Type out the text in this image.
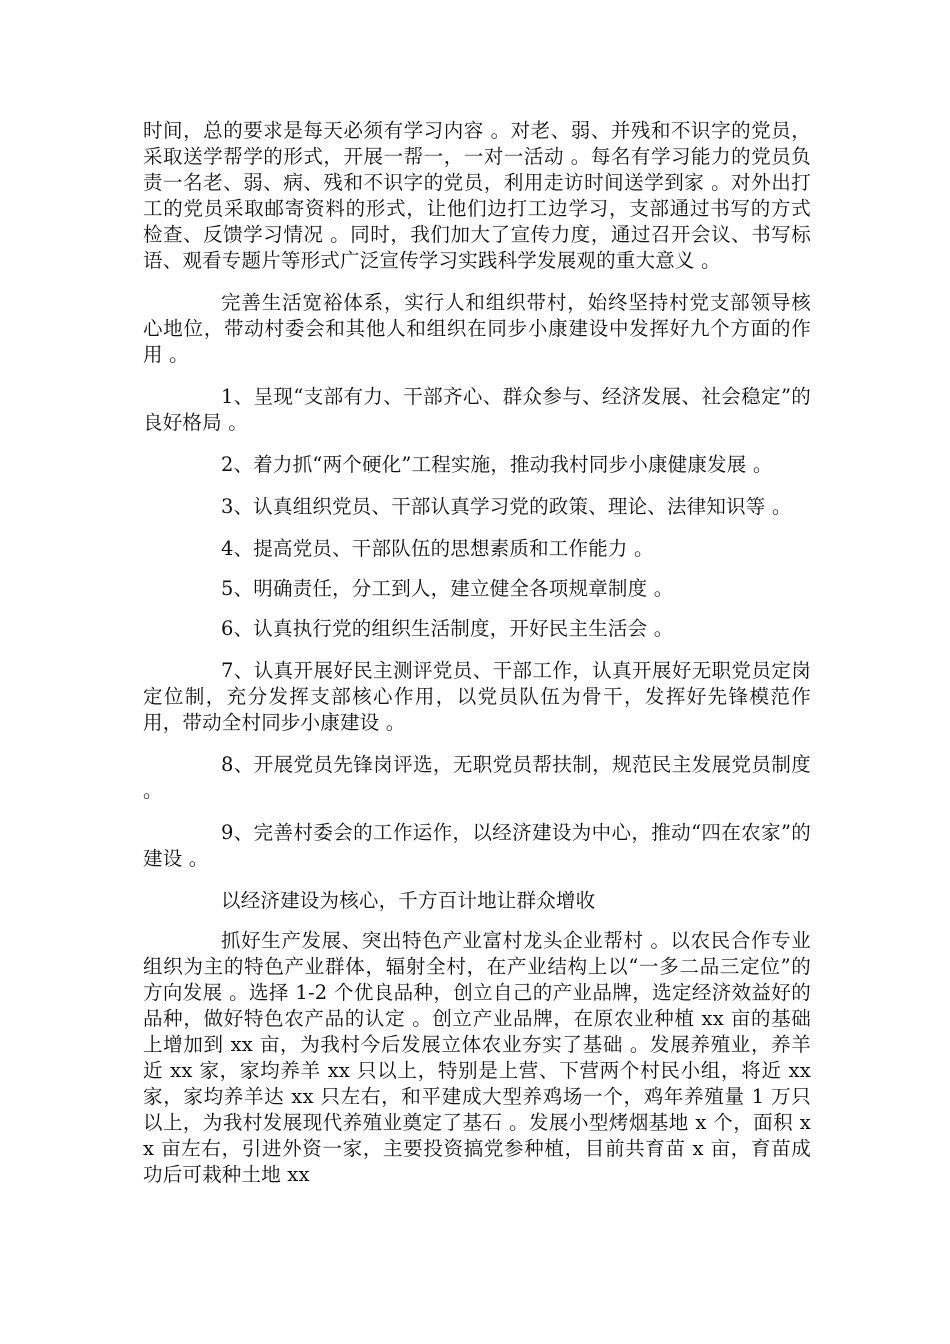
时间，总的要求是每天必须有学习内容 。对老、弱、并残和不识字的党员，采取送学帮学的形式，开展一帮一，一对一活动 。每名有学习能力的党员负责一名老、弱、病、残和不识字的党员，利用走访时间送学到家 。对外出打工的党员采取邮寄资料的形式，让他们边打工边学习，支部通过书写的方式检查、反馈学习情况 。同时，我们加大了宣传力度，通过召开会议、书写标语、观看专题片等形式广泛宣传学习实践科学发展观的重大意义 。

完善生活宽裕体系，实行人和组织带村，始终坚持村党支部领导核心地位，带动村委会和其他人和组织在同步小康建设中发挥好九个方面的作用 。

1、呈现“支部有力、干部齐心、群众参与、经济发展、社会稳定”的良好格局 。

2、着力抓“两个硬化”工程实施，推动我村同步小康健康发展 。

3、认真组织党员、干部认真学习党的政策、理论、法律知识等 。

4、提高党员、干部队伍的思想素质和工作能力 。

5、明确责任，分工到人，建立健全各项规章制度 。

6、认真执行党的组织生活制度，开好民主生活会 。

7、认真开展好民主测评党员、干部工作，认真开展好无职党员定岗定位制，充分发挥支部核心作用，以党员队伍为骨干，发挥好先锋模范作用，带动全村同步小康建设 。

8、开展党员先锋岗评选，无职党员帮扶制，规范民主发展党员制度 。

9、完善村委会的工作运作，以经济建设为中心，推动“四在农家”的建设 。

以经济建设为核心，千方百计地让群众增收

抓好生产发展、突出特色产业富村龙头企业帮村 。以农民合作专业组织为主的特色产业群体，辐射全村，在产业结构上以“一多二品三定位”的方向发展 。选择 1-2 个优良品种，创立自己的产业品牌，选定经济效益好的品种，做好特色农产品的认定 。创立产业品牌，在原农业种植 xx 亩的基础上增加到 xx 亩，为我村今后发展立体农业夯实了基础 。发展养殖业，养羊近 xx 家，家均养羊 xx 只以上，特别是上营、下营两个村民小组，将近 xx 家，家均养羊达 xx 只左右，和平建成大型养鸡场一个，鸡年养殖量 1 万只以上，为我村发展现代养殖业奠定了基石 。发展小型烤烟基地 x 个，面积 xx 亩左右，引进外资一家，主要投资搞党参种植，目前共育苗 x 亩，育苗成功后可栽种土地 xx
